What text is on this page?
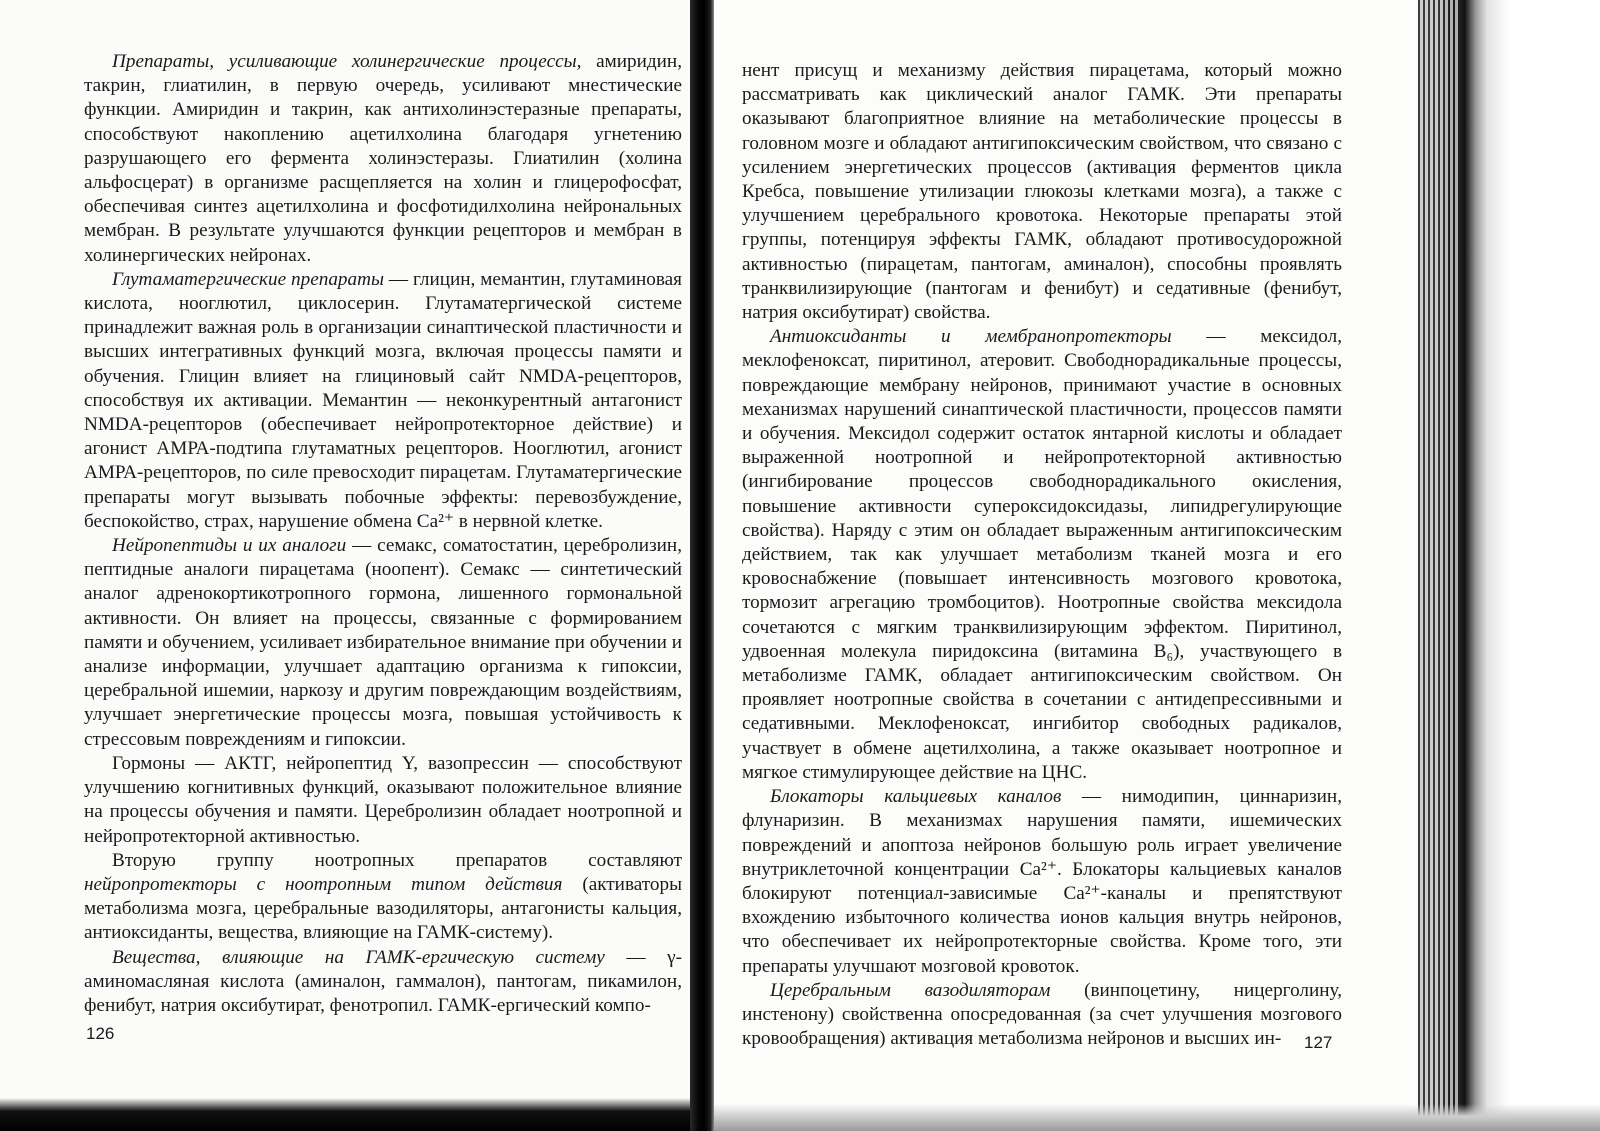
Препараты, усиливающие холинергические процессы, амиридин, такрин, глиатилин, в первую очередь, усиливают мнестические функции. Амиридин и такрин, как антихолинэстеразные препараты, способствуют накоплению ацетилхолина благодаря угнетению разрушающего его фермента холинэстеразы. Глиатилин (холина альфосцерат) в организме расщепляется на холин и глицерофосфат, обеспечивая синтез ацетилхолина и фосфотидилхолина нейрональных мембран. В результате улучшаются функции рецепторов и мембран в холинергических нейронах.

Глутаматергические препараты — глицин, мемантин, глутаминовая кислота, нооглютил, циклосерин. Глутаматергической системе принадлежит важная роль в организации синаптической пластичности и высших интегративных функций мозга, включая процессы памяти и обучения. Глицин влияет на глициновый сайт NMDA-рецепторов, способствуя их активации. Мемантин — неконкурентный антагонист NMDA-рецепторов (обеспечивает нейропротекторное действие) и агонист АМРА-подтипа глутаматных рецепторов. Нооглютил, агонист АМРА-рецепторов, по силе превосходит пирацетам. Глутаматергические препараты могут вызывать побочные эффекты: перевозбуждение, беспокойство, страх, нарушение обмена Ca²⁺ в нервной клетке.

Нейропептиды и их аналоги — семакс, соматостатин, церебролизин, пептидные аналоги пирацетама (ноопент). Семакс — синтетический аналог адренокортикотропного гормона, лишенного гормональной активности. Он влияет на процессы, связанные с формированием памяти и обучением, усиливает избирательное внимание при обучении и анализе информации, улучшает адаптацию организма к гипоксии, церебральной ишемии, наркозу и другим повреждающим воздействиям, улучшает энергетические процессы мозга, повышая устойчивость к стрессовым повреждениям и гипоксии.

Гормоны — АКТГ, нейропептид Y, вазопрессин — способствуют улучшению когнитивных функций, оказывают положительное влияние на процессы обучения и памяти. Церебролизин обладает ноотропной и нейропротекторной активностью.

Вторую группу ноотропных препаратов составляют нейропротекторы с ноотропным типом действия (активаторы метаболизма мозга, церебральные вазодиляторы, антагонисты кальция, антиоксиданты, вещества, влияющие на ГАМК-систему).

Вещества, влияющие на ГАМК-ергическую систему — γ-аминомасляная кислота (аминалон, гаммалон), пантогам, пикамилон, фенибут, натрия оксибутират, фенотропил. ГАМК-ергический компо-

126

нент присущ и механизму действия пирацетама, который можно рассматривать как циклический аналог ГАМК. Эти препараты оказывают благоприятное влияние на метаболические процессы в головном мозге и обладают антигипоксическим свойством, что связано с усилением энергетических процессов (активация ферментов цикла Кребса, повышение утилизации глюкозы клетками мозга), а также с улучшением церебрального кровотока. Некоторые препараты этой группы, потенцируя эффекты ГАМК, обладают противосудорожной активностью (пирацетам, пантогам, аминалон), способны проявлять транквилизирующие (пантогам и фенибут) и седативные (фенибут, натрия оксибутират) свойства.

Антиоксиданты и мембранопротекторы — мексидол, меклофеноксат, пиритинол, атеровит. Свободнорадикальные процессы, повреждающие мембрану нейронов, принимают участие в основных механизмах нарушений синаптической пластичности, процессов памяти и обучения. Мексидол содержит остаток янтарной кислоты и обладает выраженной ноотропной и нейропротекторной активностью (ингибирование процессов свободнорадикального окисления, повышение активности супероксидоксидазы, липидрегулирующие свойства). Наряду с этим он обладает выраженным антигипоксическим действием, так как улучшает метаболизм тканей мозга и его кровоснабжение (повышает интенсивность мозгового кровотока, тормозит агрегацию тромбоцитов). Ноотропные свойства мексидола сочетаются с мягким транквилизирующим эффектом. Пиритинол, удвоенная молекула пиридоксина (витамина B₆), участвующего в метаболизме ГАМК, обладает антигипоксическим свойством. Он проявляет ноотропные свойства в сочетании с антидепрессивными и седативными. Меклофеноксат, ингибитор свободных радикалов, участвует в обмене ацетилхолина, а также оказывает ноотропное и мягкое стимулирующее действие на ЦНС.

Блокаторы кальциевых каналов — нимодипин, циннаризин, флунаризин. В механизмах нарушения памяти, ишемических повреждений и апоптоза нейронов большую роль играет увеличение внутриклеточной концентрации Ca²⁺. Блокаторы кальциевых каналов блокируют потенциал-зависимые Ca²⁺-каналы и препятствуют вхождению избыточного количества ионов кальция внутрь нейронов, что обеспечивает их нейропротекторные свойства. Кроме того, эти препараты улучшают мозговой кровоток.

Церебральным вазодиляторам (винпоцетину, ницерголину, инстенону) свойственна опосредованная (за счет улучшения мозгового кровообращения) активация метаболизма нейронов и высших ин-	127
